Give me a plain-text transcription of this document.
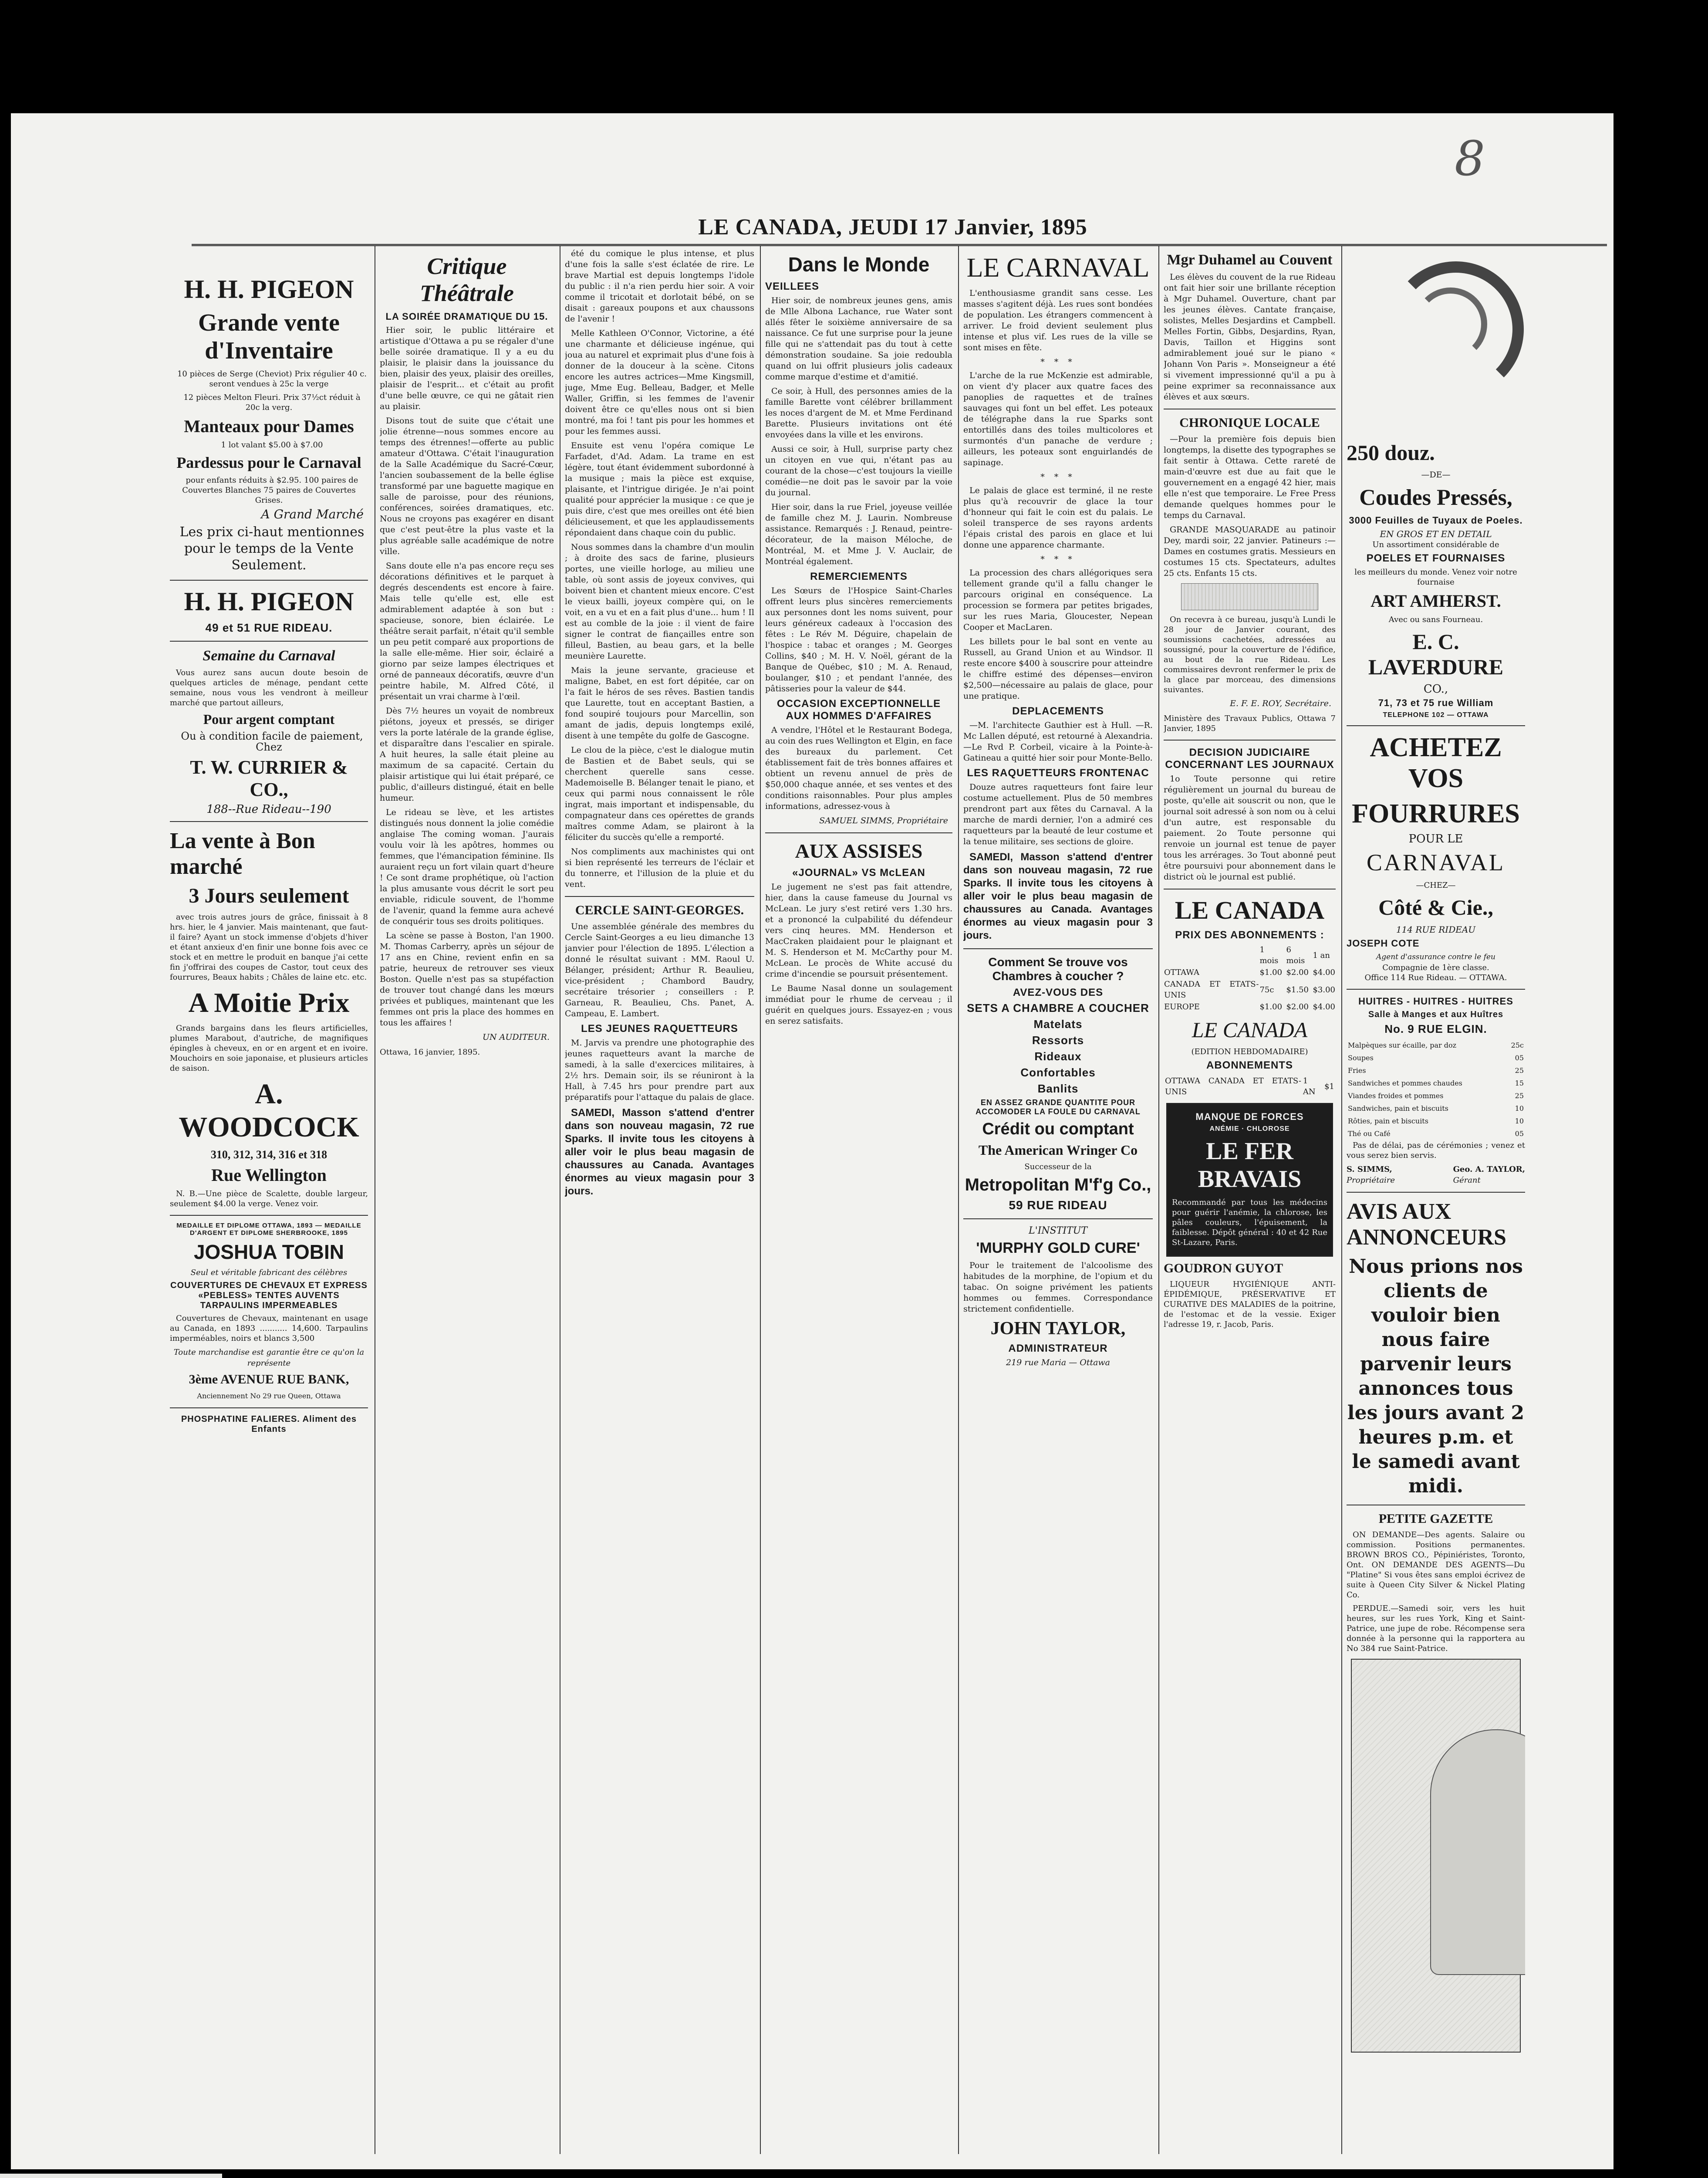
8
LE CANADA, JEUDI 17 Janvier, 1895
H. H. PIGEON
Grande vente d'Inventaire

10 pièces de Serge (Cheviot) Prix régulier 40 c. seront vendues à 25c la verge

12 pièces Melton Fleuri. Prix 37½ct réduit à 20c la verg.

Manteaux pour Dames

1 lot valant $5.00 à $7.00

Pardessus pour le Carnaval

pour enfants réduits à $2.95. 100 paires de Couvertes Blanches 75 paires de Couvertes Grises.

A Grand Marché

Les prix ci-haut mentionnes pour le temps de la Vente Seulement.

H. H. PIGEON
49 et 51 RUE RIDEAU.
Semaine du Carnaval

Vous aurez sans aucun doute besoin de quelques articles de ménage, pendant cette semaine, nous vous les vendront à meilleur marché que partout ailleurs,

Pour argent comptant

Ou à condition facile de paiement, Chez

T. W. CURRIER & CO.,
188--Rue Rideau--190
La vente à Bon marché
3 Jours seulement

avec trois autres jours de grâce, finissait à 8 hrs. hier, le 4 janvier. Mais maintenant, que faut-il faire? Ayant un stock immense d'objets d'hiver et étant anxieux d'en finir une bonne fois avec ce stock et en mettre le produit en banque j'ai cette fin j'offrirai des coupes de Castor, tout ceux des fourrures, Beaux habits ; Châles de laine etc. etc.

A Moitie Prix

Grands bargains dans les fleurs artificielles, plumes Marabout, d'autriche, de magnifiques épingles à cheveux, en or en argent et en ivoire. Mouchoirs en soie japonaise, et plusieurs articles de saison.

A. WOODCOCK
310, 312, 314, 316 et 318
Rue Wellington

N. B.—Une pièce de Scalette, double largeur, seulement $4.00 la verge. Venez voir.

MEDAILLE ET DIPLOME OTTAWA, 1893 — MEDAILLE D'ARGENT ET DIPLOME SHERBROOKE, 1895
JOSHUA TOBIN
Seul et véritable fabricant des célèbres
COUVERTURES DE CHEVAUX ET EXPRESS «PEBLESS» TENTES AUVENTS TARPAULINS IMPERMEABLES

Couvertures de Chevaux, maintenant en usage au Canada, en 1893 ........... 14,600. Tarpaulins imperméables, noirs et blancs 3,500

Toute marchandise est garantie être ce qu'on la représente
3ème AVENUE RUE BANK,
Anciennement No 29 rue Queen, Ottawa
PHOSPHATINE FALIERES. Aliment des Enfants
Critique Théâtrale
LA SOIRÉE DRAMATIQUE DU 15.

Hier soir, le public littéraire et artistique d'Ottawa a pu se régaler d'une belle soirée dramatique. Il y a eu du plaisir, le plaisir dans la jouissance du bien, plaisir des yeux, plaisir des oreilles, plaisir de l'esprit... et c'était au profit d'une belle œuvre, ce qui ne gâtait rien au plaisir.

Disons tout de suite que c'était une jolie étrenne—nous sommes encore au temps des étrennes!—offerte au public amateur d'Ottawa. C'était l'inauguration de la Salle Académique du Sacré-Cœur, l'ancien soubassement de la belle église transformé par une baguette magique en salle de paroisse, pour des réunions, conférences, soirées dramatiques, etc. Nous ne croyons pas exagérer en disant que c'est peut-être la plus vaste et la plus agréable salle académique de notre ville.

Sans doute elle n'a pas encore reçu ses décorations définitives et le parquet à degrés descendents est encore à faire. Mais telle qu'elle est, elle est admirablement adaptée à son but : spacieuse, sonore, bien éclairée. Le théâtre serait parfait, n'était qu'il semble un peu petit comparé aux proportions de la salle elle-même. Hier soir, éclairé a giorno par seize lampes électriques et orné de panneaux décoratifs, œuvre d'un peintre habile, M. Alfred Côté, il présentait un vrai charme à l'œil.

Dès 7½ heures un voyait de nombreux piétons, joyeux et pressés, se diriger vers la porte latérale de la grande église, et disparaître dans l'escalier en spirale. A huit heures, la salle était pleine au maximum de sa capacité. Certain du plaisir artistique qui lui était préparé, ce public, d'ailleurs distingué, était en belle humeur.

Le rideau se lève, et les artistes distingués nous donnent la jolie comédie anglaise The coming woman. J'aurais voulu voir là les apôtres, hommes ou femmes, que l'émancipation féminine. Ils auraient reçu un fort vilain quart d'heure ! Ce sont drame prophétique, où l'action la plus amusante vous décrit le sort peu enviable, ridicule souvent, de l'homme de l'avenir, quand la femme aura achevé de conquérir tous ses droits politiques.

La scène se passe à Boston, l'an 1900. M. Thomas Carberry, après un séjour de 17 ans en Chine, revient enfin en sa patrie, heureux de retrouver ses vieux Boston. Quelle n'est pas sa stupéfaction de trouver tout changé dans les mœurs privées et publiques, maintenant que les femmes ont pris la place des hommes en tous les affaires !

UN AUDITEUR.
Ottawa, 16 janvier, 1895.

été du comique le plus intense, et plus d'une fois la salle s'est éclatée de rire. Le brave Martial est depuis longtemps l'idole du public : il n'a rien perdu hier soir. A voir comme il tricotait et dorlotait bébé, on se disait : gareaux poupons et aux chaussons de l'avenir !

Melle Kathleen O'Connor, Victorine, a été une charmante et délicieuse ingénue, qui joua au naturel et exprimait plus d'une fois à donner de la douceur à la scène. Citons encore les autres actrices—Mme Kingsmill, juge, Mme Eug. Belleau, Badger, et Melle Waller, Griffin, si les femmes de l'avenir doivent être ce qu'elles nous ont si bien montré, ma foi ! tant pis pour les hommes et pour les femmes aussi.

Ensuite est venu l'opéra comique Le Farfadet, d'Ad. Adam. La trame en est légère, tout étant évidemment subordonné à la musique ; mais la pièce est exquise, plaisante, et l'intrigue dirigée. Je n'ai point qualité pour apprécier la musique : ce que je puis dire, c'est que mes oreilles ont été bien délicieusement, et que les applaudissements répondaient dans chaque coin du public.

Nous sommes dans la chambre d'un moulin ; à droite des sacs de farine, plusieurs portes, une vieille horloge, au milieu une table, où sont assis de joyeux convives, qui boivent bien et chantent mieux encore. C'est le vieux bailli, joyeux compère qui, on le voit, en a vu et en a fait plus d'une... hum ! Il est au comble de la joie : il vient de faire signer le contrat de fiançailles entre son filleul, Bastien, au beau gars, et la belle meunière Laurette.

Mais la jeune servante, gracieuse et maligne, Babet, en est fort dépitée, car on l'a fait le héros de ses rêves. Bastien tandis que Laurette, tout en acceptant Bastien, a fond soupiré toujours pour Marcellin, son amant de jadis, depuis longtemps exilé, disent à une tempête du golfe de Gascogne.

Le clou de la pièce, c'est le dialogue mutin de Bastien et de Babet seuls, qui se cherchent querelle sans cesse. Mademoiselle B. Bélanger tenait le piano, et ceux qui parmi nous connaissent le rôle ingrat, mais important et indispensable, du compagnateur dans ces opérettes de grands maîtres comme Adam, se plairont à la féliciter du succès qu'elle a remporté.

Nos compliments aux machinistes qui ont si bien représenté les terreurs de l'éclair et du tonnerre, et l'illusion de la pluie et du vent.

CERCLE SAINT-GEORGES.

Une assemblée générale des membres du Cercle Saint-Georges a eu lieu dimanche 13 janvier pour l'élection de 1895. L'élection a donné le résultat suivant : MM. Raoul U. Bélanger, président; Arthur R. Beaulieu, vice-président ; Chambord Baudry, secrétaire trésorier ; conseillers : P. Garneau, R. Beaulieu, Chs. Panet, A. Campeau, E. Lambert.

LES JEUNES RAQUETTEURS

M. Jarvis va prendre une photographie des jeunes raquetteurs avant la marche de samedi, à la salle d'exercices militaires, à 2½ hrs. Demain soir, ils se réuniront à la Hall, à 7.45 hrs pour prendre part aux préparatifs pour l'attaque du palais de glace.

SAMEDI, Masson s'attend d'entrer dans son nouveau magasin, 72 rue Sparks. Il invite tous les citoyens à aller voir le plus beau magasin de chaussures au Canada. Avantages énormes au vieux magasin pour 3 jours.

Dans le Monde
VEILLEES

Hier soir, de nombreux jeunes gens, amis de Mlle Albona Lachance, rue Water sont allés fêter le soixième anniversaire de sa naissance. Ce fut une surprise pour la jeune fille qui ne s'attendait pas du tout à cette démonstration soudaine. Sa joie redoubla quand on lui offrit plusieurs jolis cadeaux comme marque d'estime et d'amitié.

Ce soir, à Hull, des personnes amies de la famille Barette vont célébrer brillamment les noces d'argent de M. et Mme Ferdinand Barette. Plusieurs invitations ont été envoyées dans la ville et les environs.

Aussi ce soir, à Hull, surprise party chez un citoyen en vue qui, n'étant pas au courant de la chose—c'est toujours la vieille comédie—ne doit pas le savoir par la voie du journal.

Hier soir, dans la rue Friel, joyeuse veillée de famille chez M. J. Laurin. Nombreuse assistance. Remarqués : J. Renaud, peintre-décorateur, de la maison Méloche, de Montréal, M. et Mme J. V. Auclair, de Montréal également.

REMERCIEMENTS

Les Sœurs de l'Hospice Saint-Charles offrent leurs plus sincères remerciements aux personnes dont les noms suivent, pour leurs généreux cadeaux à l'occasion des fêtes : Le Rév M. Déguire, chapelain de l'hospice : tabac et oranges ; M. Georges Collins, $40 ; M. H. V. Noël, gérant de la Banque de Québec, $10 ; M. A. Renaud, boulanger, $10 ; et pendant l'année, des pâtisseries pour la valeur de $44.

OCCASION EXCEPTIONNELLE AUX HOMMES D'AFFAIRES

A vendre, l'Hôtel et le Restaurant Bodega, au coin des rues Wellington et Elgin, en face des bureaux du parlement. Cet établissement fait de très bonnes affaires et obtient un revenu annuel de près de $50,000 chaque année, et ses ventes et des conditions raisonnables. Pour plus amples informations, adressez-vous à

SAMUEL SIMMS, Propriétaire
AUX ASSISES
«JOURNAL» VS McLEAN

Le jugement ne s'est pas fait attendre, hier, dans la cause fameuse du Journal vs McLean. Le jury s'est retiré vers 1.30 hrs. et a prononcé la culpabilité du défendeur vers cinq heures. MM. Henderson et MacCraken plaidaient pour le plaignant et M. S. Henderson et M. McCarthy pour M. McLean. Le procès de White accusé du crime d'incendie se poursuit présentement.

Le Baume Nasal donne un soulagement immédiat pour le rhume de cerveau ; il guérit en quelques jours. Essayez-en ; vous en serez satisfaits.

LE CARNAVAL

L'enthousiasme grandit sans cesse. Les masses s'agitent déjà. Les rues sont bondées de population. Les étrangers commencent à arriver. Le froid devient seulement plus intense et plus vif. Les rues de la ville se sont mises en fête.

* * *

L'arche de la rue McKenzie est admirable, on vient d'y placer aux quatre faces des panoplies de raquettes et de traînes sauvages qui font un bel effet. Les poteaux de télégraphe dans la rue Sparks sont entortillés dans des toiles multicolores et surmontés d'un panache de verdure ; ailleurs, les poteaux sont enguirlandés de sapinage.

* * *

Le palais de glace est terminé, il ne reste plus qu'à recouvrir de glace la tour d'honneur qui fait le coin est du palais. Le soleil transperce de ses rayons ardents l'épais cristal des parois en glace et lui donne une apparence charmante.

* * *

La procession des chars allégoriques sera tellement grande qu'il a fallu changer le parcours original en conséquence. La procession se formera par petites brigades, sur les rues Maria, Gloucester, Nepean Cooper et MacLaren.

Les billets pour le bal sont en vente au Russell, au Grand Union et au Windsor. Il reste encore $400 à souscrire pour atteindre le chiffre estimé des dépenses—environ $2,500—nécessaire au palais de glace, pour une pratique.

DEPLACEMENTS

—M. l'architecte Gauthier est à Hull. —R. Mc Lallen député, est retourné à Alexandria. —Le Rvd P. Corbeil, vicaire à la Pointe-à-Gatineau a quitté hier soir pour Monte-Bello.

LES RAQUETTEURS FRONTENAC

Douze autres raquetteurs font faire leur costume actuellement. Plus de 50 membres prendront part aux fêtes du Carnaval. A la marche de mardi dernier, l'on a admiré ces raquetteurs par la beauté de leur costume et la tenue militaire, ses sections de gloire.

SAMEDI, Masson s'attend d'entrer dans son nouveau magasin, 72 rue Sparks. Il invite tous les citoyens à aller voir le plus beau magasin de chaussures au Canada. Avantages énormes au vieux magasin pour 3 jours.

Comment Se trouve vos Chambres à coucher ?
AVEZ-VOUS DES
SETS A CHAMBRE A COUCHER
Matelats
Ressorts
Rideaux
Confortables
Banlits
EN ASSEZ GRANDE QUANTITE POUR ACCOMODER LA FOULE DU CARNAVAL
Crédit ou comptant
The American Wringer Co
Successeur de la
Metropolitan M'f'g Co.,
59 RUE RIDEAU
L'INSTITUT
'MURPHY GOLD CURE'

Pour le traitement de l'alcoolisme des habitudes de la morphine, de l'opium et du tabac. On soigne privément les patients hommes ou femmes. Correspondance strictement confidentielle.

JOHN TAYLOR,
ADMINISTRATEUR
219 rue Maria — Ottawa
Mgr Duhamel au Couvent

Les élèves du couvent de la rue Rideau ont fait hier soir une brillante réception à Mgr Duhamel. Ouverture, chant par les jeunes élèves. Cantate française, solistes, Melles Desjardins et Campbell. Melles Fortin, Gibbs, Desjardins, Ryan, Davis, Taillon et Higgins sont admirablement joué sur le piano « Johann Von Paris ». Monseigneur a été si vivement impressionné qu'il a pu à peine exprimer sa reconnaissance aux élèves et aux sœurs.

CHRONIQUE LOCALE

—Pour la première fois depuis bien longtemps, la disette des typographes se fait sentir à Ottawa. Cette rareté de main-d'œuvre est due au fait que le gouvernement en a engagé 42 hier, mais elle n'est que temporaire. Le Free Press demande quelques hommes pour le temps du Carnaval.

GRANDE MASQUARADE au patinoir Dey, mardi soir, 22 janvier. Patineurs :—Dames en costumes gratis. Messieurs en costumes 15 cts. Spectateurs, adultes 25 cts. Enfants 15 cts.

On recevra à ce bureau, jusqu'à Lundi le 28 jour de Janvier courant, des soumissions cachetées, adressées au soussigné, pour la couverture de l'édifice, au bout de la rue Rideau. Les commissaires devront renfermer le prix de la glace par morceau, des dimensions suivantes.

E. F. E. ROY, Secrétaire.
Ministère des Travaux Publics, Ottawa 7 Janvier, 1895
DECISION JUDICIAIRE CONCERNANT LES JOURNAUX

1o Toute personne qui retire régulièrement un journal du bureau de poste, qu'elle ait souscrit ou non, que le journal soit adressé à son nom ou à celui d'un autre, est responsable du paiement. 2o Toute personne qui renvoie un journal est tenue de payer tous les arrérages. 3o Tout abonné peut être poursuivi pour abonnement dans le district où le journal est publié.

LE CANADA
PRIX DES ABONNEMENTS :
	1 mois	6 mois	1 an
OTTAWA	$1.00	$2.00	$4.00
CANADA ET ETATS-UNIS	75c	$1.50	$3.00
EUROPE	$1.00	$2.00	$4.00
LE CANADA
(EDITION HEBDOMADAIRE)
ABONNEMENTS
OTTAWA CANADA ET ETATS-UNIS	1 AN	$1
MANQUE DE FORCES
ANÉMIE · CHLOROSE
LE FER BRAVAIS

Recommandé par tous les médecins pour guérir l'anémie, la chlorose, les pâles couleurs, l'épuisement, la faiblesse. Dépôt général : 40 et 42 Rue St-Lazare, Paris.

GOUDRON GUYOT

LIQUEUR HYGIÉNIQUE ANTI-ÉPIDÉMIQUE, PRÉSERVATIVE ET CURATIVE DES MALADIES de la poitrine, de l'estomac et de la vessie. Exiger l'adresse 19, r. Jacob, Paris.

250 douz.
—DE—
Coudes Pressés,
3000 Feuilles de Tuyaux de Poeles.
EN GROS ET EN DETAIL
Un assortiment considérable de
POELES ET FOURNAISES
les meilleurs du monde. Venez voir notre fournaise
ART AMHERST.
Avec ou sans Fourneau.
E. C. LAVERDURE
CO.,
71, 73 et 75 rue William
TELEPHONE 102 — OTTAWA
ACHETEZ VOS
FOURRURES
POUR LE
CARNAVAL
—CHEZ—
Côté & Cie.,
114 RUE RIDEAU
JOSEPH COTE
Agent d'assurance contre le feu
Compagnie de 1ère classe.
Office 114 Rue Rideau. — OTTAWA.
HUITRES - HUITRES - HUITRES
Salle à Manges et aux Huîtres
No. 9 RUE ELGIN.
Malpèques sur écaille, par doz	25c
Soupes	05
Fries	25
Sandwiches et pommes chaudes	15
Viandes froides et pommes	25
Sandwiches, pain et biscuits	10
Rôties, pain et biscuits	10
Thé ou Café	05

Pas de délai, pas de cérémonies ; venez et vous serez bien servis.

S. SIMMS,
Propriétaire
Geo. A. TAYLOR,
Gérant
AVIS AUX ANNONCEURS

Nous prions nos clients de vouloir bien nous faire parvenir leurs annonces tous les jours avant 2 heures p.m. et le samedi avant midi.

PETITE GAZETTE

ON DEMANDE—Des agents. Salaire ou commission. Positions permanentes. BROWN BROS CO., Pépiniéristes, Toronto, Ont. ON DEMANDE DES AGENTS—Du "Platine" Si vous êtes sans emploi écrivez de suite à Queen City Silver & Nickel Plating Co.

PERDUE.—Samedi soir, vers les huit heures, sur les rues York, King et Saint-Patrice, une jupe de robe. Récompense sera donnée à la personne qui la rapportera au No 384 rue Saint-Patrice.
